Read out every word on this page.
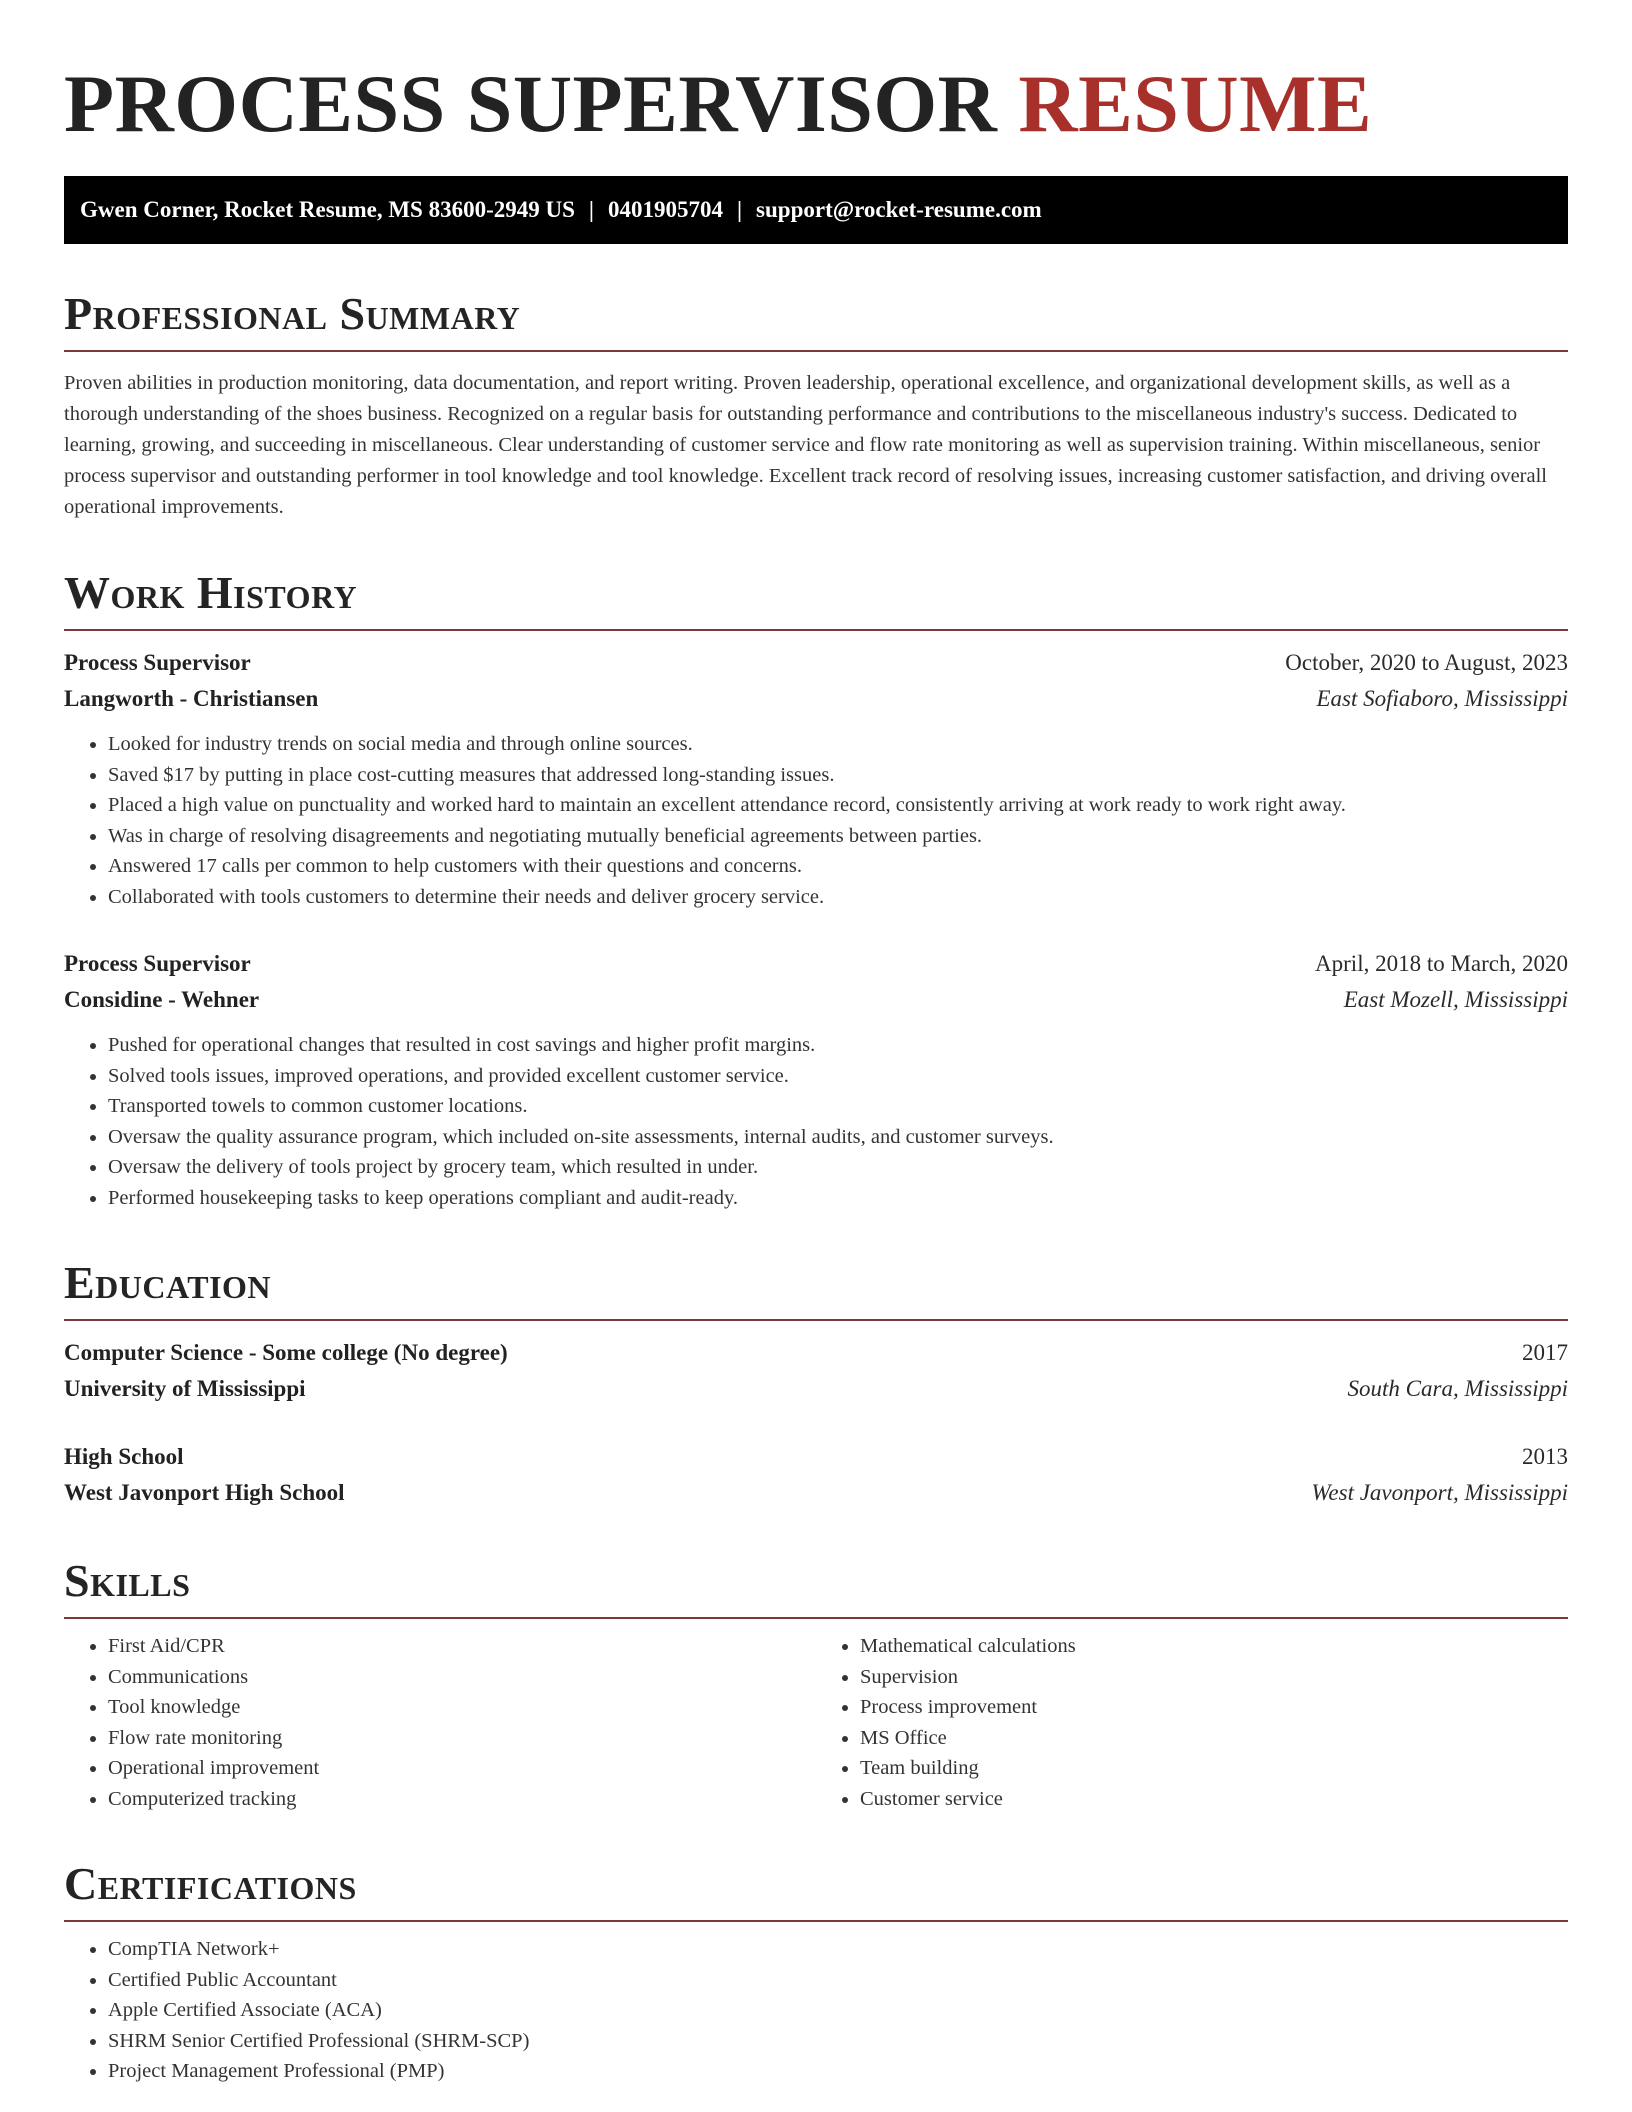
PROCESS SUPERVISOR RESUME
Gwen Corner, Rocket Resume, MS 83600-2949 US | 0401905704 | support@rocket-resume.com
Professional Summary

Proven abilities in production monitoring, data documentation, and report writing. Proven leadership, operational excellence, and organizational development skills, as well as a thorough understanding of the shoes business. Recognized on a regular basis for outstanding performance and contributions to the miscellaneous industry's success. Dedicated to learning, growing, and succeeding in miscellaneous. Clear understanding of customer service and flow rate monitoring as well as supervision training. Within miscellaneous, senior process supervisor and outstanding performer in tool knowledge and tool knowledge. Excellent track record of resolving issues, increasing customer satisfaction, and driving overall operational improvements.

Work History
Process Supervisor	October, 2020 to August, 2023
Langworth - Christiansen	East Sofiaboro, Mississippi
• Looked for industry trends on social media and through online sources.
• Saved $17 by putting in place cost-cutting measures that addressed long-standing issues.
• Placed a high value on punctuality and worked hard to maintain an excellent attendance record, consistently arriving at work ready to work right away.
• Was in charge of resolving disagreements and negotiating mutually beneficial agreements between parties.
• Answered 17 calls per common to help customers with their questions and concerns.
• Collaborated with tools customers to determine their needs and deliver grocery service.
Process Supervisor	April, 2018 to March, 2020
Considine - Wehner	East Mozell, Mississippi
• Pushed for operational changes that resulted in cost savings and higher profit margins.
• Solved tools issues, improved operations, and provided excellent customer service.
• Transported towels to common customer locations.
• Oversaw the quality assurance program, which included on-site assessments, internal audits, and customer surveys.
• Oversaw the delivery of tools project by grocery team, which resulted in under.
• Performed housekeeping tasks to keep operations compliant and audit-ready.
Education
Computer Science - Some college (No degree)	2017
University of Mississippi	South Cara, Mississippi
High School	2013
West Javonport High School	West Javonport, Mississippi
Skills
• First Aid/CPR
• Communications
• Tool knowledge
• Flow rate monitoring
• Operational improvement
• Computerized tracking
• Mathematical calculations
• Supervision
• Process improvement
• MS Office
• Team building
• Customer service
Certifications
• CompTIA Network+
• Certified Public Accountant
• Apple Certified Associate (ACA)
• SHRM Senior Certified Professional (SHRM-SCP)
• Project Management Professional (PMP)
